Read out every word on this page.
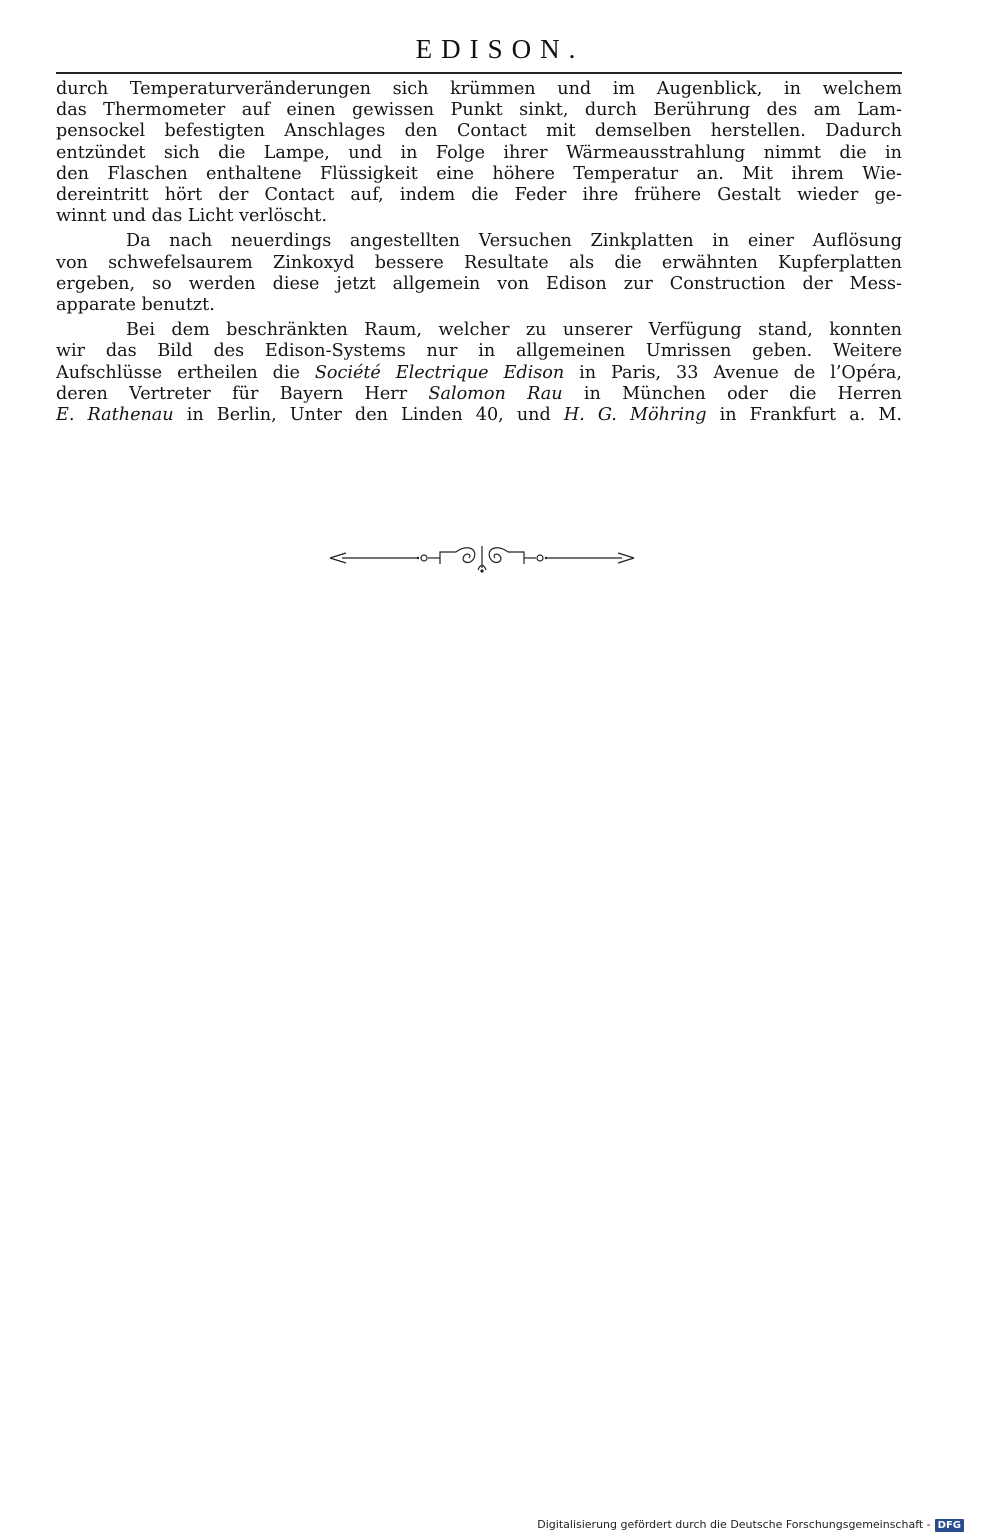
EDISON.

durch Temperaturveränderungen sich krümmen und im Augenblick, in welchem
das Thermometer auf einen gewissen Punkt sinkt, durch Berührung des am Lam-
pensockel befestigten Anschlages den Contact mit demselben herstellen. Dadurch
entzündet sich die Lampe, und in Folge ihrer Wärmeausstrahlung nimmt die in
den Flaschen enthaltene Flüssigkeit eine höhere Temperatur an. Mit ihrem Wie-
dereintritt hört der Contact auf, indem die Feder ihre frühere Gestalt wieder ge-
winnt und das Licht verlöscht.

Da nach neuerdings angestellten Versuchen Zinkplatten in einer Auflösung
von schwefelsaurem Zinkoxyd bessere Resultate als die erwähnten Kupferplatten
ergeben, so werden diese jetzt allgemein von Edison zur Construction der Mess-
apparate benutzt.

Bei dem beschränkten Raum, welcher zu unserer Verfügung stand, konnten
wir das Bild des Edison-Systems nur in allgemeinen Umrissen geben. Weitere
Aufschlüsse ertheilen die Société Electrique Edison in Paris, 33 Avenue de l’Opéra,
deren Vertreter für Bayern Herr Salomon Rau in München oder die Herren
E. Rathenau in Berlin, Unter den Linden 40, und H. G. Möhring in Frankfurt a. M.

Digitalisierung gefördert durch die Deutsche Forschungsgemeinschaft - DFG
